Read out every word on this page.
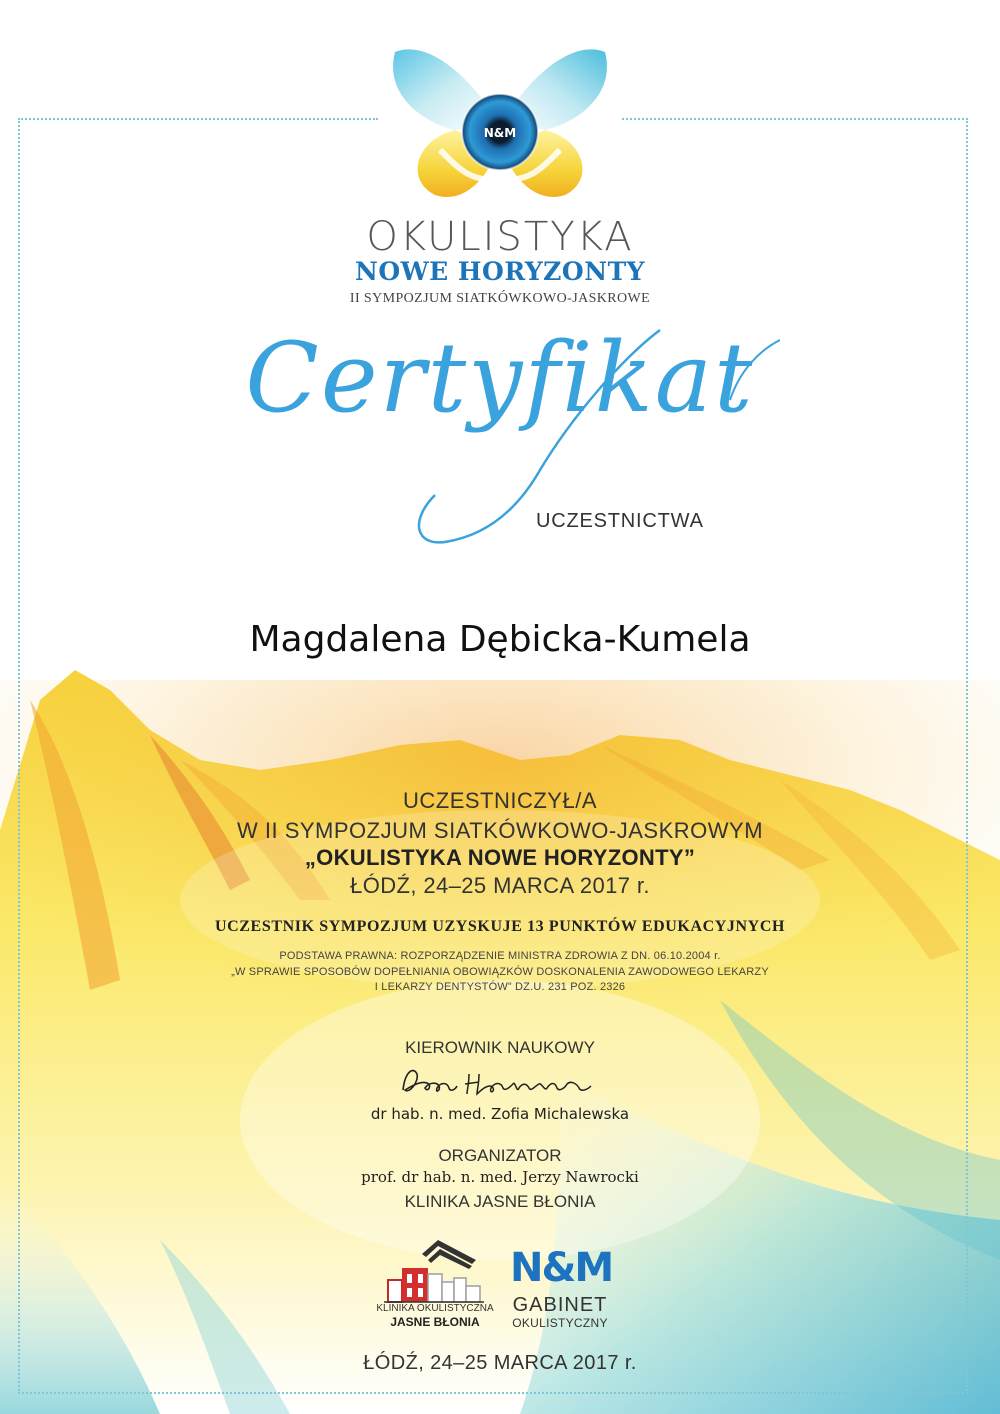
N&M
OKULISTYKA
NOWE HORYZONTY
II SYMPOZJUM SIATKÓWKOWO-JASKROWE
Certyfikat
UCZESTNICTWA
Magdalena Dębicka-Kumela
UCZESTNICZYŁ/A
W II SYMPOZJUM SIATKÓWKOWO-JASKROWYM
„OKULISTYKA NOWE HORYZONTY”
ŁÓDŹ, 24–25 MARCA 2017 r.
UCZESTNIK SYMPOZJUM UZYSKUJE 13 PUNKTÓW EDUKACYJNYCH
PODSTAWA PRAWNA: ROZPORZĄDZENIE MINISTRA ZDROWIA Z DN. 06.10.2004 r.
„W SPRAWIE SPOSOBÓW DOPEŁNIANIA OBOWIĄZKÓW DOSKONALENIA ZAWODOWEGO LEKARZY
I LEKARZY DENTYSTÓW” DZ.U. 231 POZ. 2326
KIEROWNIK NAUKOWY
Zofia Michalewska
dr hab. n. med. Zofia Michalewska
ORGANIZATOR
prof. dr hab. n. med. Jerzy Nawrocki
KLINIKA JASNE BŁONIA
KLINIKA OKULISTYCZNA
JASNE BŁONIA
N&M
GABINET
OKULISTYCZNY
ŁÓDŹ, 24–25 MARCA 2017 r.
